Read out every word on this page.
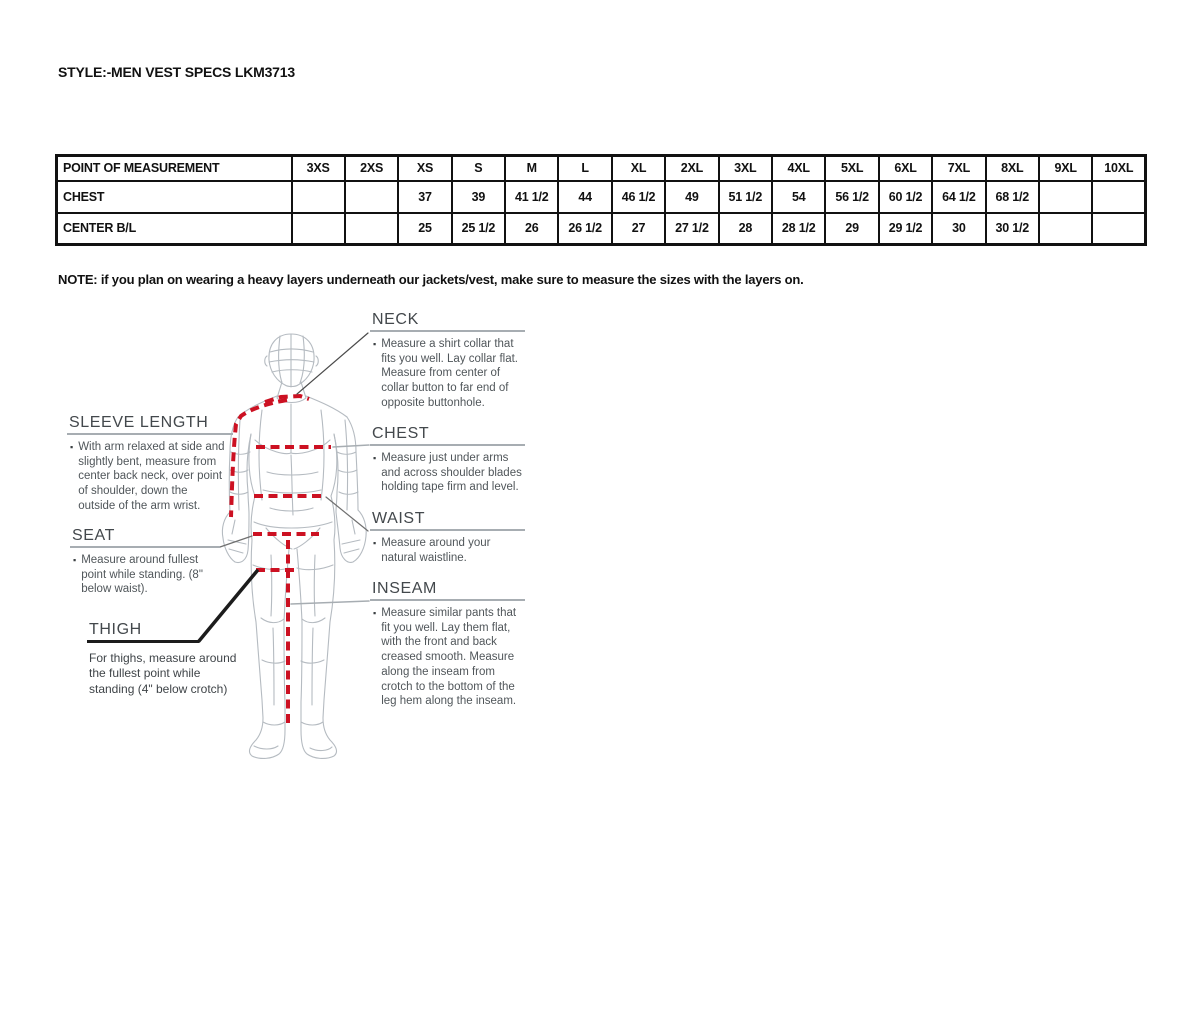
STYLE:-MEN VEST SPECS LKM3713
POINT OF MEASUREMENT	3XS	2XS	XS	S	M	L	XL	2XL	3XL	4XL	5XL	6XL	7XL	8XL	9XL	10XL
CHEST			37	39	41 1/2	44	46 1/2	49	51 1/2	54	56 1/2	60 1/2	64 1/2	68 1/2		
CENTER B/L			25	25 1/2	26	26 1/2	27	27 1/2	28	28 1/2	29	29 1/2	30	30 1/2		
NOTE: if you plan on wearing a heavy layers underneath our jackets/vest, make sure to measure the sizes with the layers on.
NECK
▪ Measure a shirt collar that fits you well. Lay collar flat. Measure from center of collar button to far end of opposite buttonhole.
SLEEVE LENGTH
▪ With arm relaxed at side and slightly bent, measure from center back neck, over point of shoulder, down the outside of the arm wrist.
CHEST
▪ Measure just under arms and across shoulder blades holding tape firm and level.
WAIST
▪ Measure around your natural waistline.
SEAT
▪ Measure around fullest point while standing. (8" below waist).	INSEAM
▪ Measure similar pants that fit you well. Lay them flat, with the front and back creased smooth. Measure along the inseam from crotch to the bottom of the leg hem along the inseam.
THIGH
For thighs, measure around the fullest point while standing (4" below crotch)
